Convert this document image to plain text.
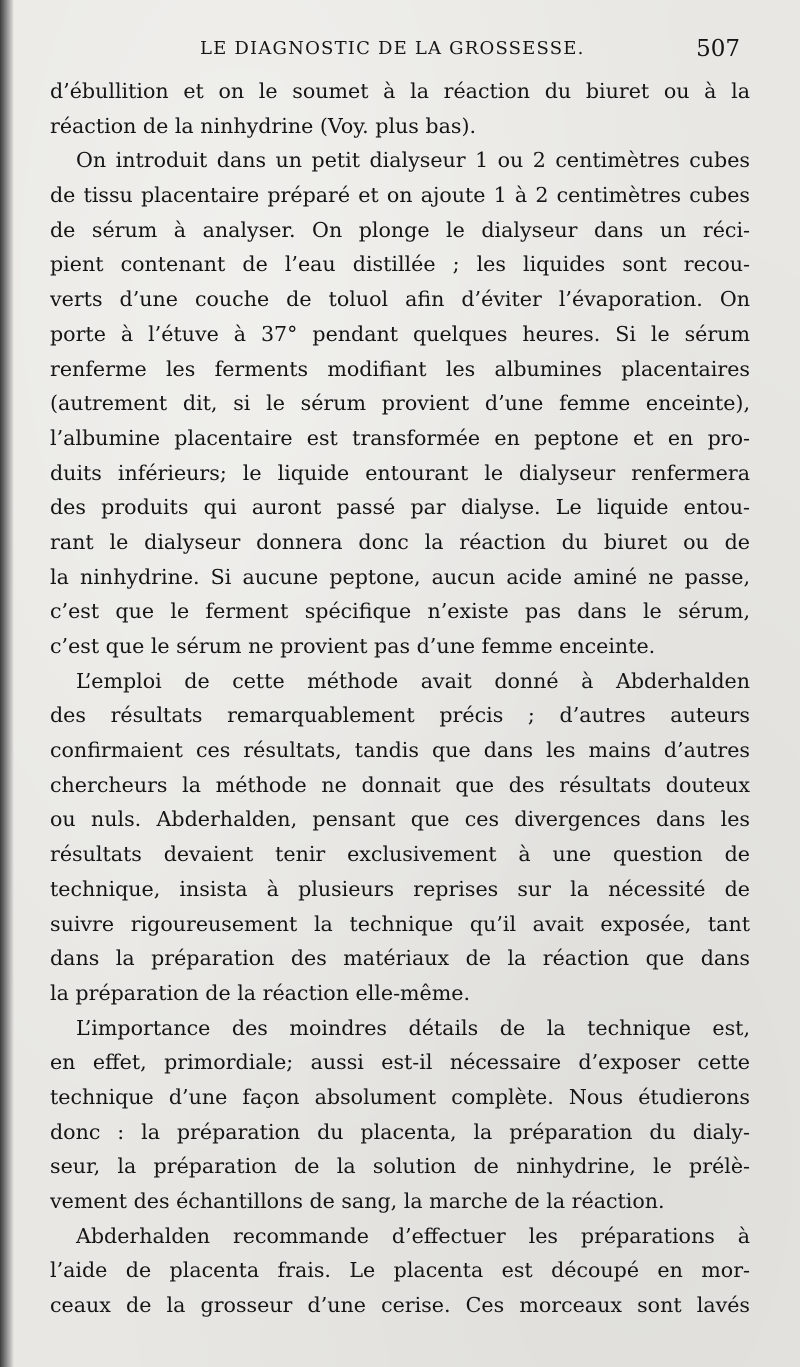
LE DIAGNOSTIC DE LA GROSSESSE.	507
d’ébullition et on le soumet à la réaction du biuret ou à la
réaction de la ninhydrine (Voy. plus bas).
On introduit dans un petit dialyseur 1 ou 2 centimètres cubes
de tissu placentaire préparé et on ajoute 1 à 2 centimètres cubes
de sérum à analyser. On plonge le dialyseur dans un réci-
pient contenant de l’eau distillée ; les liquides sont recou-
verts d’une couche de toluol afin d’éviter l’évaporation. On
porte à l’étuve à 37° pendant quelques heures. Si le sérum
renferme les ferments modifiant les albumines placentaires
(autrement dit, si le sérum provient d’une femme enceinte),
l’albumine placentaire est transformée en peptone et en pro-
duits inférieurs; le liquide entourant le dialyseur renfermera
des produits qui auront passé par dialyse. Le liquide entou-
rant le dialyseur donnera donc la réaction du biuret ou de
la ninhydrine. Si aucune peptone, aucun acide aminé ne passe,
c’est que le ferment spécifique n’existe pas dans le sérum,
c’est que le sérum ne provient pas d’une femme enceinte.
L’emploi de cette méthode avait donné à Abderhalden
des résultats remarquablement précis ; d’autres auteurs
confirmaient ces résultats, tandis que dans les mains d’autres
chercheurs la méthode ne donnait que des résultats douteux
ou nuls. Abderhalden, pensant que ces divergences dans les
résultats devaient tenir exclusivement à une question de
technique, insista à plusieurs reprises sur la nécessité de
suivre rigoureusement la technique qu’il avait exposée, tant
dans la préparation des matériaux de la réaction que dans
la préparation de la réaction elle-même.
L’importance des moindres détails de la technique est,
en effet, primordiale; aussi est-il nécessaire d’exposer cette
technique d’une façon absolument complète. Nous étudierons
donc : la préparation du placenta, la préparation du dialy-
seur, la préparation de la solution de ninhydrine, le prélè-
vement des échantillons de sang, la marche de la réaction.
Abderhalden recommande d’effectuer les préparations à
l’aide de placenta frais. Le placenta est découpé en mor-
ceaux de la grosseur d’une cerise. Ces morceaux sont lavés
